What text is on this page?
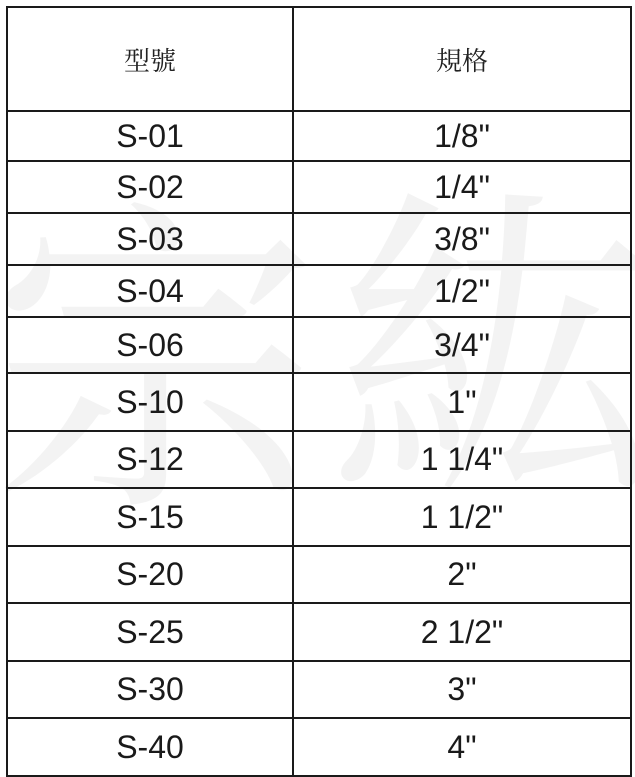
型號	規格
S-01	1/8"
S-02	1/4"
S-03	3/8"
S-04	1/2"
S-06	3/4"
S-10	1"
S-12	1 1/4"
S-15	1 1/2"
S-20	2"
S-25	2 1/2"
S-30	3"
S-40	4"
